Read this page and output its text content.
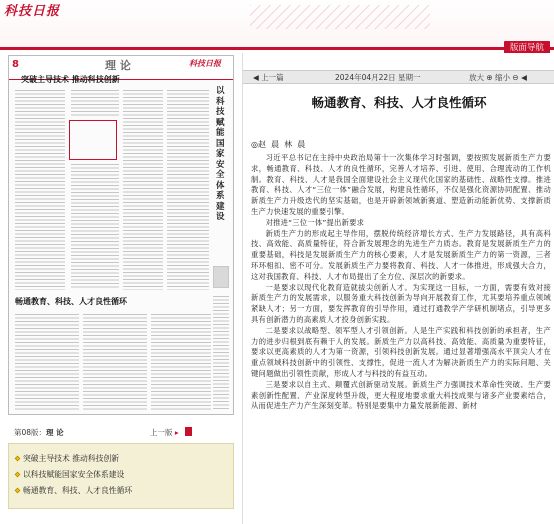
科技日报
版面导航
8	理 论	科技日报
突破主导技术 推动科技创新
以科技赋能国家安全体系建设
畅通教育、科技、人才良性循环
第08版：理 论	上一版 ▸
突破主导技术 推动科技创新
以科技赋能国家安全体系建设
畅通教育、科技、人才良性循环
◀ 上一篇	2024年04月22日 星期一	放大 ⊕ 缩小 ⊖ ◀
畅通教育、科技、人才良性循环
◎赵  晨  林  晨

习近平总书记在主持中央政治局第十一次集体学习时强调，要按照发展新质生产力要求，畅通教育、科技、人才的良性循环，完善人才培养、引进、使用、合理流动的工作机制。教育、科技、人才是我国全面建设社会主义现代化国家的基础性、战略性支撑。推进教育、科技、人才“三位一体”融合发展，构建良性循环，不仅是强化资源协同配置、推动新质生产力升级迭代的坚实基础，也是开辟新领域新赛道、塑造新动能新优势、支撑新质生产力快速发展的重要引擎。

对推进“三位一体”提出新要求

新质生产力的形成起主导作用，摆脱传统经济增长方式、生产力发展路径，具有高科技、高效能、高质量特征，符合新发展理念的先进生产力质态。教育是发展新质生产力的重要基础，科技是发展新质生产力的核心要素，人才是发展新质生产力的第一资源，三者环环相扣、密不可分。发展新质生产力要将教育、科技、人才一体推进，形成强大合力，这对我国教育、科技、人才布局提出了全方位、深层次的新要求。

一是要求以现代化教育造就拔尖创新人才。为实现这一目标，一方面，需要有效对接新质生产力的发展需求，以服务重大科技创新为导向开展教育工作，尤其要培养重点领域紧缺人才；另一方面，要发挥教育的引导作用，通过打通教学产学研机制堵点，引导更多具有创新潜力的高素质人才投身创新实践。

二是要求以战略型、领军型人才引领创新。人是生产实践和科技创新的承担者，生产力的进步归根到底有赖于人的发展。新质生产力以高科技、高效能、高质量为重要特征，要求以更高素质的人才为第一资源，引领科技创新发展。通过显著增强高水平顶尖人才在重点领域科技创新中的引领性、支撑性，促进一流人才为解决新质生产力的实际问题、关键问题做出引领性贡献，形成人才与科技的有益互动。

三是要求以自主式、颠覆式创新驱动发展。新质生产力强调技术革命性突破、生产要素创新性配置、产业深度转型升级，更大程度地要求重大科技成果与诸多产业要素结合，从而促进生产力产生深刻变革。特别是要集中力量发展新能源、新材
